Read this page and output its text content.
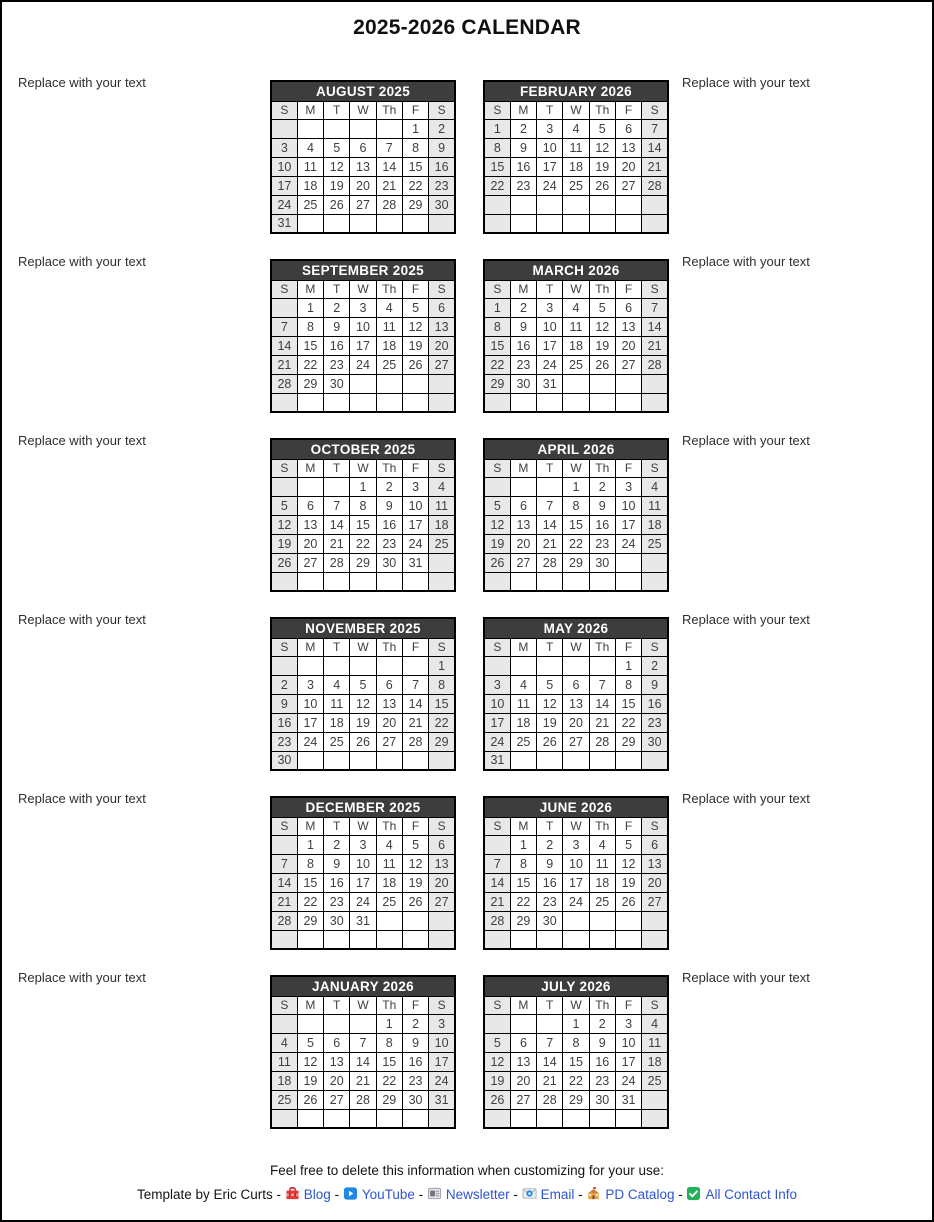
2025-2026 CALENDAR
Replace with your text
AUGUST 2025						
S	M	T	W	Th	F	S
					1	2
3	4	5	6	7	8	9
10	11	12	13	14	15	16
17	18	19	20	21	22	23
24	25	26	27	28	29	30
31						
FEBRUARY 2026						
S	M	T	W	Th	F	S
1	2	3	4	5	6	7
8	9	10	11	12	13	14
15	16	17	18	19	20	21
22	23	24	25	26	27	28

Replace with your text
Replace with your text
SEPTEMBER 2025						
S	M	T	W	Th	F	S
	1	2	3	4	5	6
7	8	9	10	11	12	13
14	15	16	17	18	19	20
21	22	23	24	25	26	27
28	29	30				

MARCH 2026						
S	M	T	W	Th	F	S
1	2	3	4	5	6	7
8	9	10	11	12	13	14
15	16	17	18	19	20	21
22	23	24	25	26	27	28
29	30	31				

Replace with your text
Replace with your text
OCTOBER 2025						
S	M	T	W	Th	F	S
			1	2	3	4
5	6	7	8	9	10	11
12	13	14	15	16	17	18
19	20	21	22	23	24	25
26	27	28	29	30	31	

APRIL 2026						
S	M	T	W	Th	F	S
			1	2	3	4
5	6	7	8	9	10	11
12	13	14	15	16	17	18
19	20	21	22	23	24	25
26	27	28	29	30		

Replace with your text
Replace with your text
NOVEMBER 2025						
S	M	T	W	Th	F	S
						1
2	3	4	5	6	7	8
9	10	11	12	13	14	15
16	17	18	19	20	21	22
23	24	25	26	27	28	29
30						
MAY 2026						
S	M	T	W	Th	F	S
					1	2
3	4	5	6	7	8	9
10	11	12	13	14	15	16
17	18	19	20	21	22	23
24	25	26	27	28	29	30
31						
Replace with your text
Replace with your text
DECEMBER 2025						
S	M	T	W	Th	F	S
	1	2	3	4	5	6
7	8	9	10	11	12	13
14	15	16	17	18	19	20
21	22	23	24	25	26	27
28	29	30	31			

JUNE 2026						
S	M	T	W	Th	F	S
	1	2	3	4	5	6
7	8	9	10	11	12	13
14	15	16	17	18	19	20
21	22	23	24	25	26	27
28	29	30				

Replace with your text
Replace with your text
JANUARY 2026						
S	M	T	W	Th	F	S
				1	2	3
4	5	6	7	8	9	10
11	12	13	14	15	16	17
18	19	20	21	22	23	24
25	26	27	28	29	30	31

JULY 2026						
S	M	T	W	Th	F	S
			1	2	3	4
5	6	7	8	9	10	11
12	13	14	15	16	17	18
19	20	21	22	23	24	25
26	27	28	29	30	31	

Replace with your text
Feel free to delete this information when customizing for your use:
Template by Eric Curts -
Blog -
YouTube -
Newsletter -
Email -
PD Catalog -
All Contact Info
